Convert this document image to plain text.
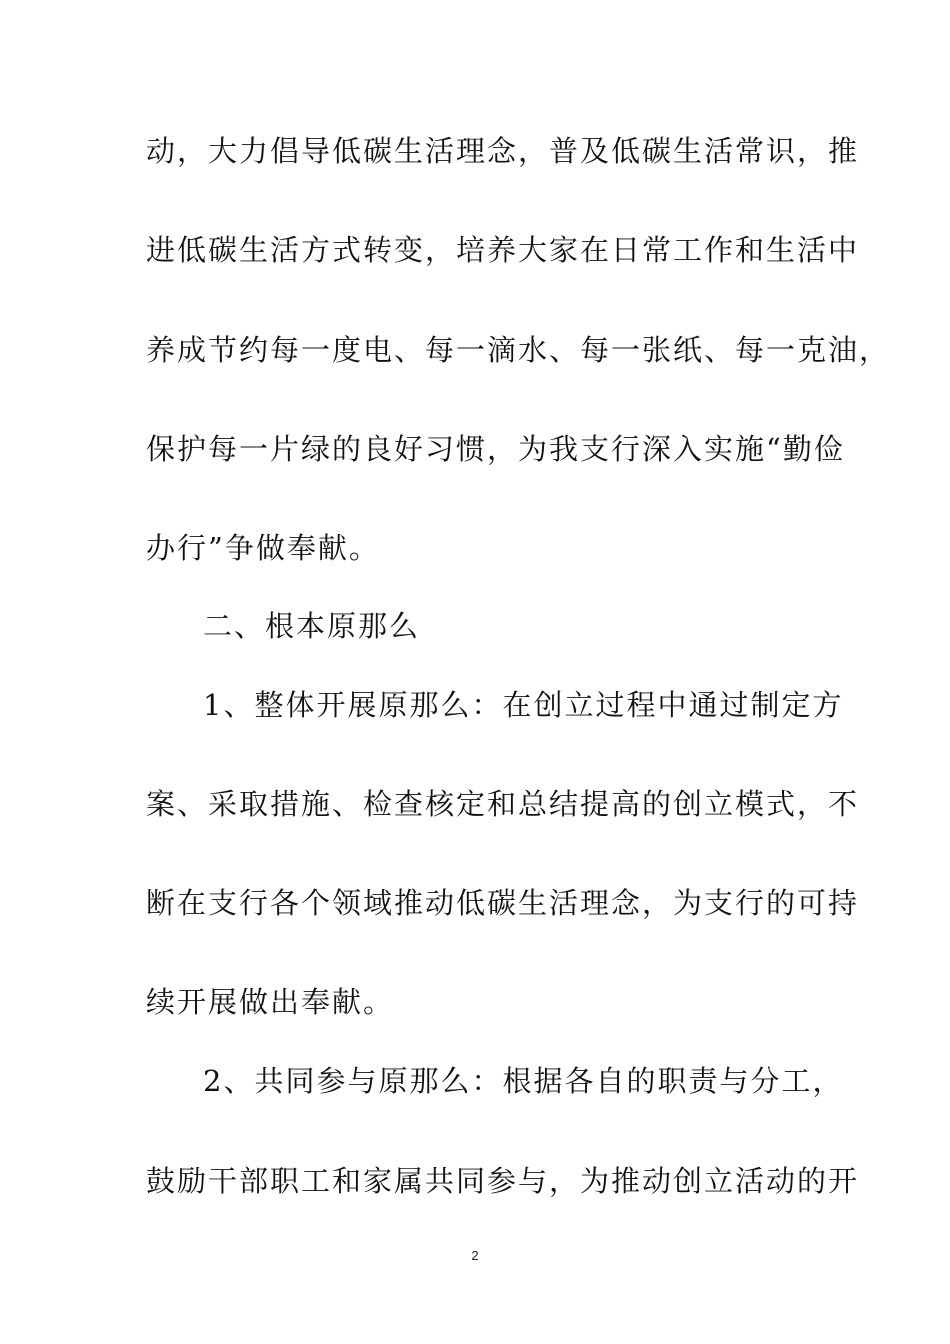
动，大力倡导低碳生活理念，普及低碳生活常识，推
进低碳生活方式转变，培养大家在日常工作和生活中
养成节约每一度电、每一滴水、每一张纸、每一克油，
保护每一片绿的良好习惯，为我支行深入实施“勤俭
办行”争做奉献。
二、根本原那么
1、整体开展原那么：在创立过程中通过制定方
案、采取措施、检查核定和总结提高的创立模式，不
断在支行各个领域推动低碳生活理念，为支行的可持
续开展做出奉献。
2、共同参与原那么：根据各自的职责与分工，
鼓励干部职工和家属共同参与，为推动创立活动的开
2
